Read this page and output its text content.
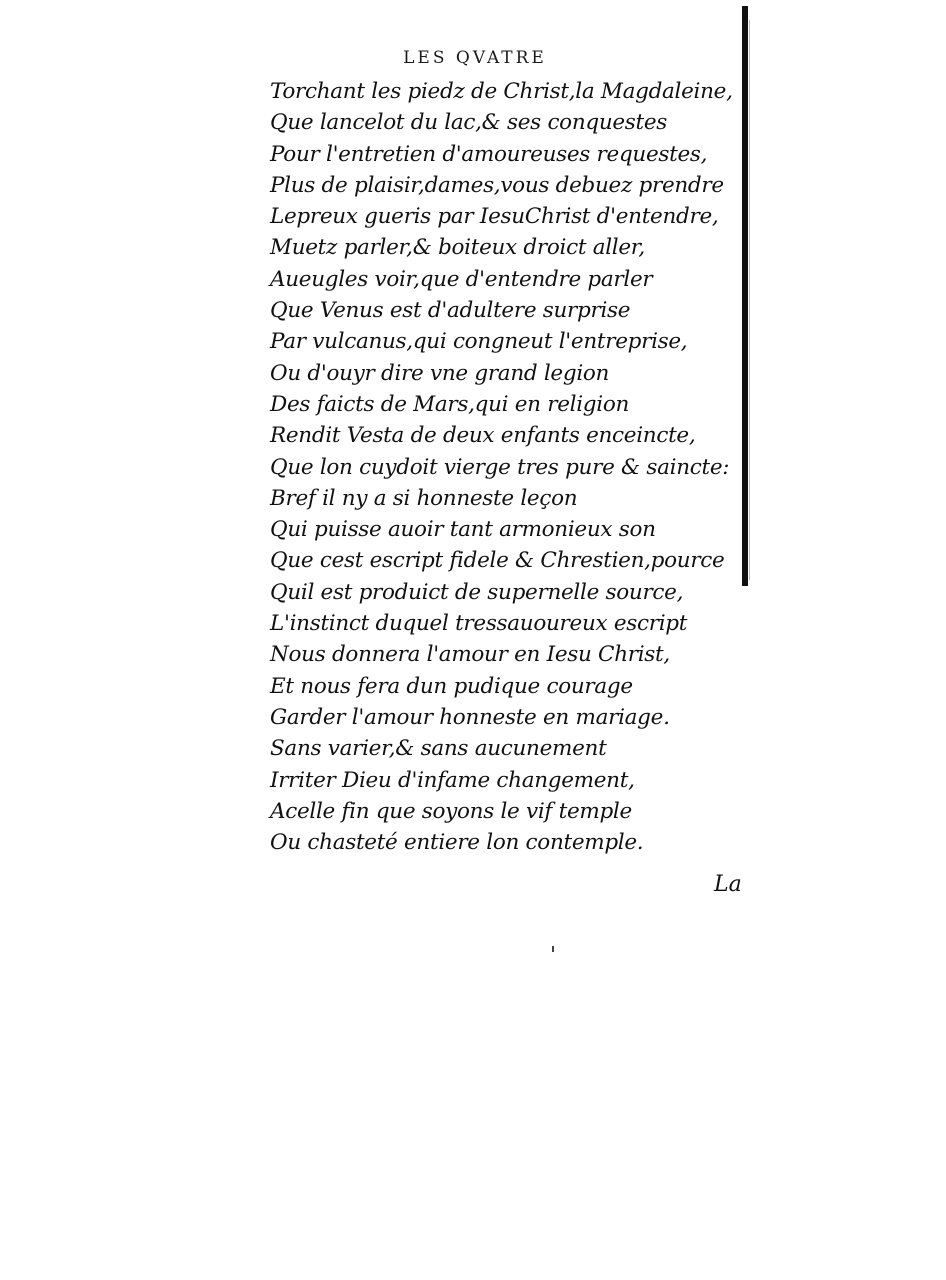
LES QVATRE
Torchant les piedz de Christ,la Magdaleine,
Que lancelot du lac,& ses conquestes
Pour l'entretien d'amoureuses requestes,
Plus de plaisir,dames,vous debuez prendre
Lepreux gueris par IesuChrist d'entendre,
Muetz parler,& boiteux droict aller,
Aueugles voir,que d'entendre parler
Que Venus est d'adultere surprise
Par vulcanus,qui congneut l'entreprise,
Ou d'ouyr dire vne grand legion
Des faicts de Mars,qui en religion
Rendit Vesta de deux enfants enceincte,
Que lon cuydoit vierge tres pure & saincte:
Bref il ny a si honneste leçon
Qui puisse auoir tant armonieux son
Que cest escript fidele & Chrestien,pource
Quil est produict de supernelle source,
L'instinct duquel tressauoureux escript
Nous donnera l'amour en Iesu Christ,
Et nous fera dun pudique courage
Garder l'amour honneste en mariage.
Sans varier,& sans aucunement
Irriter Dieu d'infame changement,
Acelle fin que soyons le vif temple
Ou chasteté entiere lon contemple.
La
